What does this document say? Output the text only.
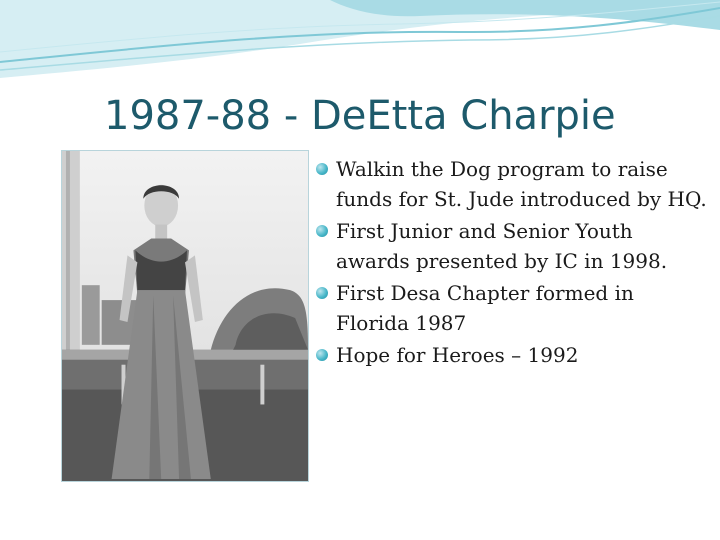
1987-88 - DeEtta Charpie
Walkin the Dog program to raise funds for St. Jude introduced by HQ.
First Junior and Senior Youth awards presented by IC in 1998.
First Desa Chapter formed in Florida 1987
Hope for Heroes – 1992
